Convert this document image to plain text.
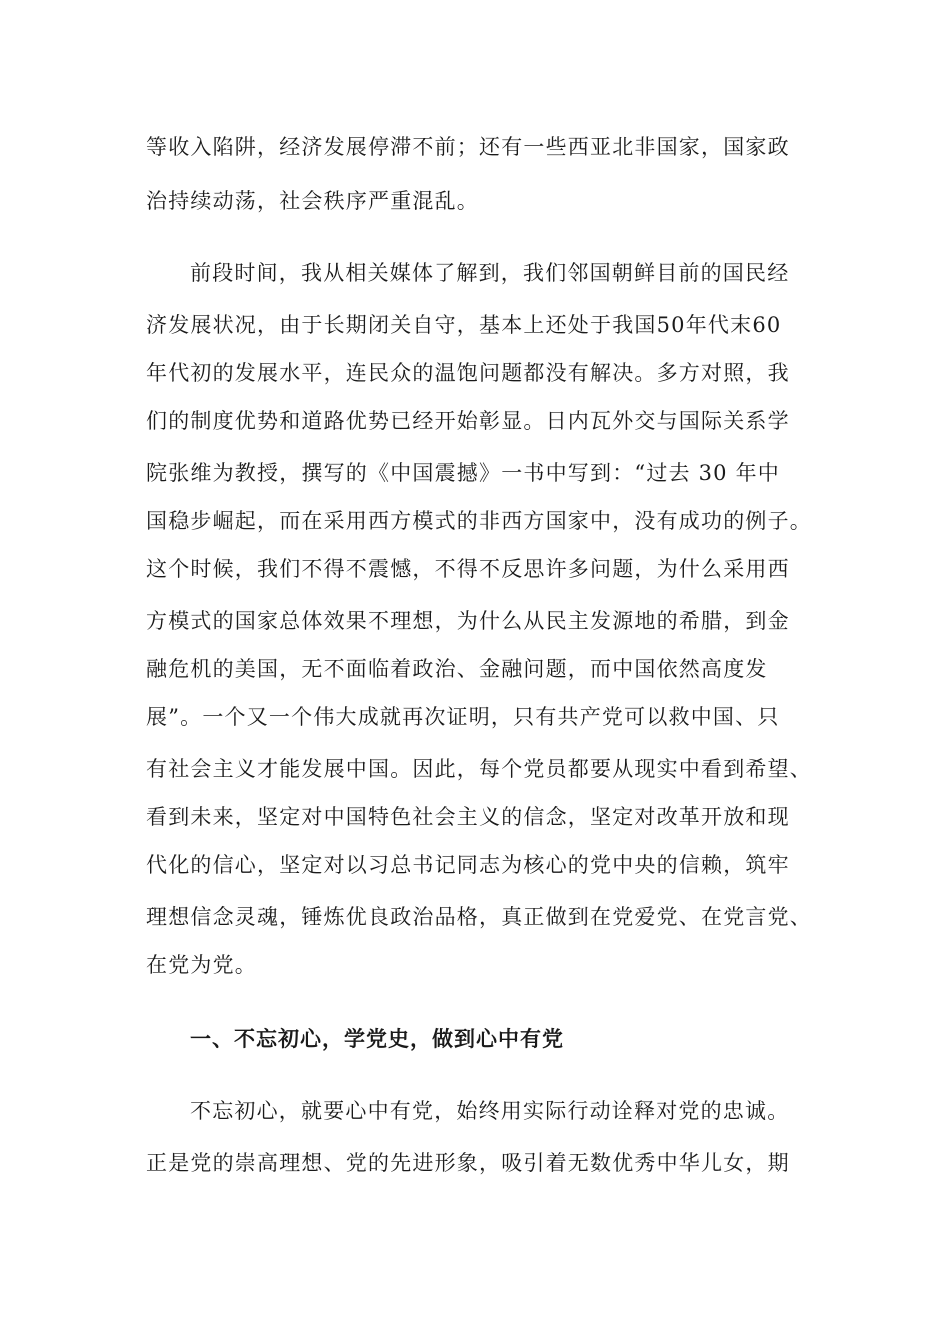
等收入陷阱，经济发展停滞不前；还有一些西亚北非国家，国家政
治持续动荡，社会秩序严重混乱。
前段时间，我从相关媒体了解到，我们邻国朝鲜目前的国民经
济发展状况，由于长期闭关自守，基本上还处于我国50年代末60
年代初的发展水平，连民众的温饱问题都没有解决。多方对照，我
们的制度优势和道路优势已经开始彰显。日内瓦外交与国际关系学
院张维为教授，撰写的《中国震撼》一书中写到：“过去 30 年中
国稳步崛起，而在采用西方模式的非西方国家中，没有成功的例子。
这个时候，我们不得不震憾，不得不反思许多问题，为什么采用西
方模式的国家总体效果不理想，为什么从民主发源地的希腊，到金
融危机的美国，无不面临着政治、金融问题，而中国依然高度发
展”。一个又一个伟大成就再次证明，只有共产党可以救中国、只
有社会主义才能发展中国。因此，每个党员都要从现实中看到希望、
看到未来，坚定对中国特色社会主义的信念，坚定对改革开放和现
代化的信心，坚定对以习总书记同志为核心的党中央的信赖，筑牢
理想信念灵魂，锤炼优良政治品格，真正做到在党爱党、在党言党、
在党为党。
一、不忘初心，学党史，做到心中有党
不忘初心，就要心中有党，始终用实际行动诠释对党的忠诚。
正是党的崇高理想、党的先进形象，吸引着无数优秀中华儿女，期
